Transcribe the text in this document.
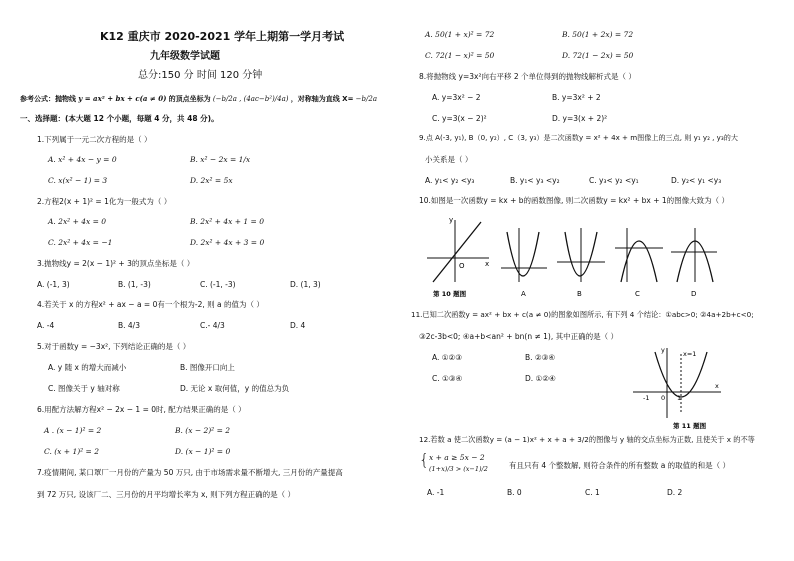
K12 重庆市 2020-2021 学年上期第一学月考试
九年级数学试题
总分:150 分 时间 120 分钟
参考公式：抛物线 y = ax² + bx + c(a ≠ 0) 的顶点坐标为 (−b/2a , (4ac−b²)/4a) ，对称轴为直线 X= −b/2a
一、选择题：(本大题 12 个小题，每题 4 分，共 48 分)。
1.下列属于一元二次方程的是（ ）
A. x² + 4x − y = 0	B. x² − 2x = 1/x
C. x(x² − 1) = 3	D. 2x² = 5x
2.方程2(x + 1)² = 1化为一般式为（ ）
A. 2x² + 4x = 0	B. 2x² + 4x + 1 = 0
C. 2x² + 4x = −1	D. 2x² + 4x + 3 = 0
3.抛物线y = 2(x − 1)² + 3的顶点坐标是（ ）
A. (-1, 3)	B. (1, -3)	C. (-1, -3)	D. (1, 3)
4.若关于 x 的方程x² + ax − a = 0有一个根为-2, 则 a 的值为（ ）
A. -4	B. 4/3	C.- 4/3	D. 4
5.对于函数y = −3x², 下列结论正确的是（ ）
A. y 随 x 的增大而减小	B. 图像开口向上
C. 图像关于 y 轴对称	D. 无论 x 取何值，y 的值总为负
6.用配方法解方程x² − 2x − 1 = 0时, 配方结果正确的是（ ）
A . (x − 1)² = 2	B. (x − 2)² = 2
C. (x + 1)² = 2	D. (x − 1)² = 0
7.疫情期间, 某口罩厂一月份的产量为 50 万只, 由于市场需求量不断增大, 三月份的产量提高
到 72 万只, 设该厂二、三月份的月平均增长率为 x, 则下列方程正确的是（ ）
A. 50(1 + x)² = 72	B. 50(1 + 2x) = 72
C. 72(1 − x)² = 50	D. 72(1 − 2x) = 50
8.将抛物线 y=3x²向右平移 2 个单位得到的抛物线解析式是（ ）
A. y=3x² − 2	B. y=3x² + 2
C. y=3(x − 2)²	D. y=3(x + 2)²
9.点 A(-3, y₁), B（0, y₂）, C（3, y₃）是二次函数y = x² + 4x + m图像上的三点, 则 y₁ y₂ , y₃的大
小关系是（ ）
A. y₁< y₂ <y₃	B. y₁< y₃ <y₂	C. y₃< y₂ <y₁	D. y₂< y₁ <y₃
10.如图是一次函数y = kx + b的函数图像, 则二次函数y = kx² + bx + 1的图像大致为（ ）
x
y
O
第 10 题图	A	B	C	D
11.已知二次函数y = ax² + bx + c(a ≠ 0)的图象如图所示, 有下列 4 个结论：①abc>0; ②4a+2b+c<0;
③2c-3b<0; ④a+b<an² + bn(n ≠ 1), 其中正确的是（ ）
A. ①②③	B. ②③④
C. ①③④	D. ①②④
x=1
-1 0 1
x
y
第 11 题图
12.若数 a 使二次函数y = (a − 1)x² + x + a + 3/2的图像与 y 轴的交点坐标为正数, 且使关于 x 的不等
{ x + a ≥ 5x − 2
(1+x)/3 > (x−1)/2	有且只有 4 个整数解, 则符合条件的所有整数 a 的取值的和是（ ）
A. -1	B. 0	C. 1	D. 2
